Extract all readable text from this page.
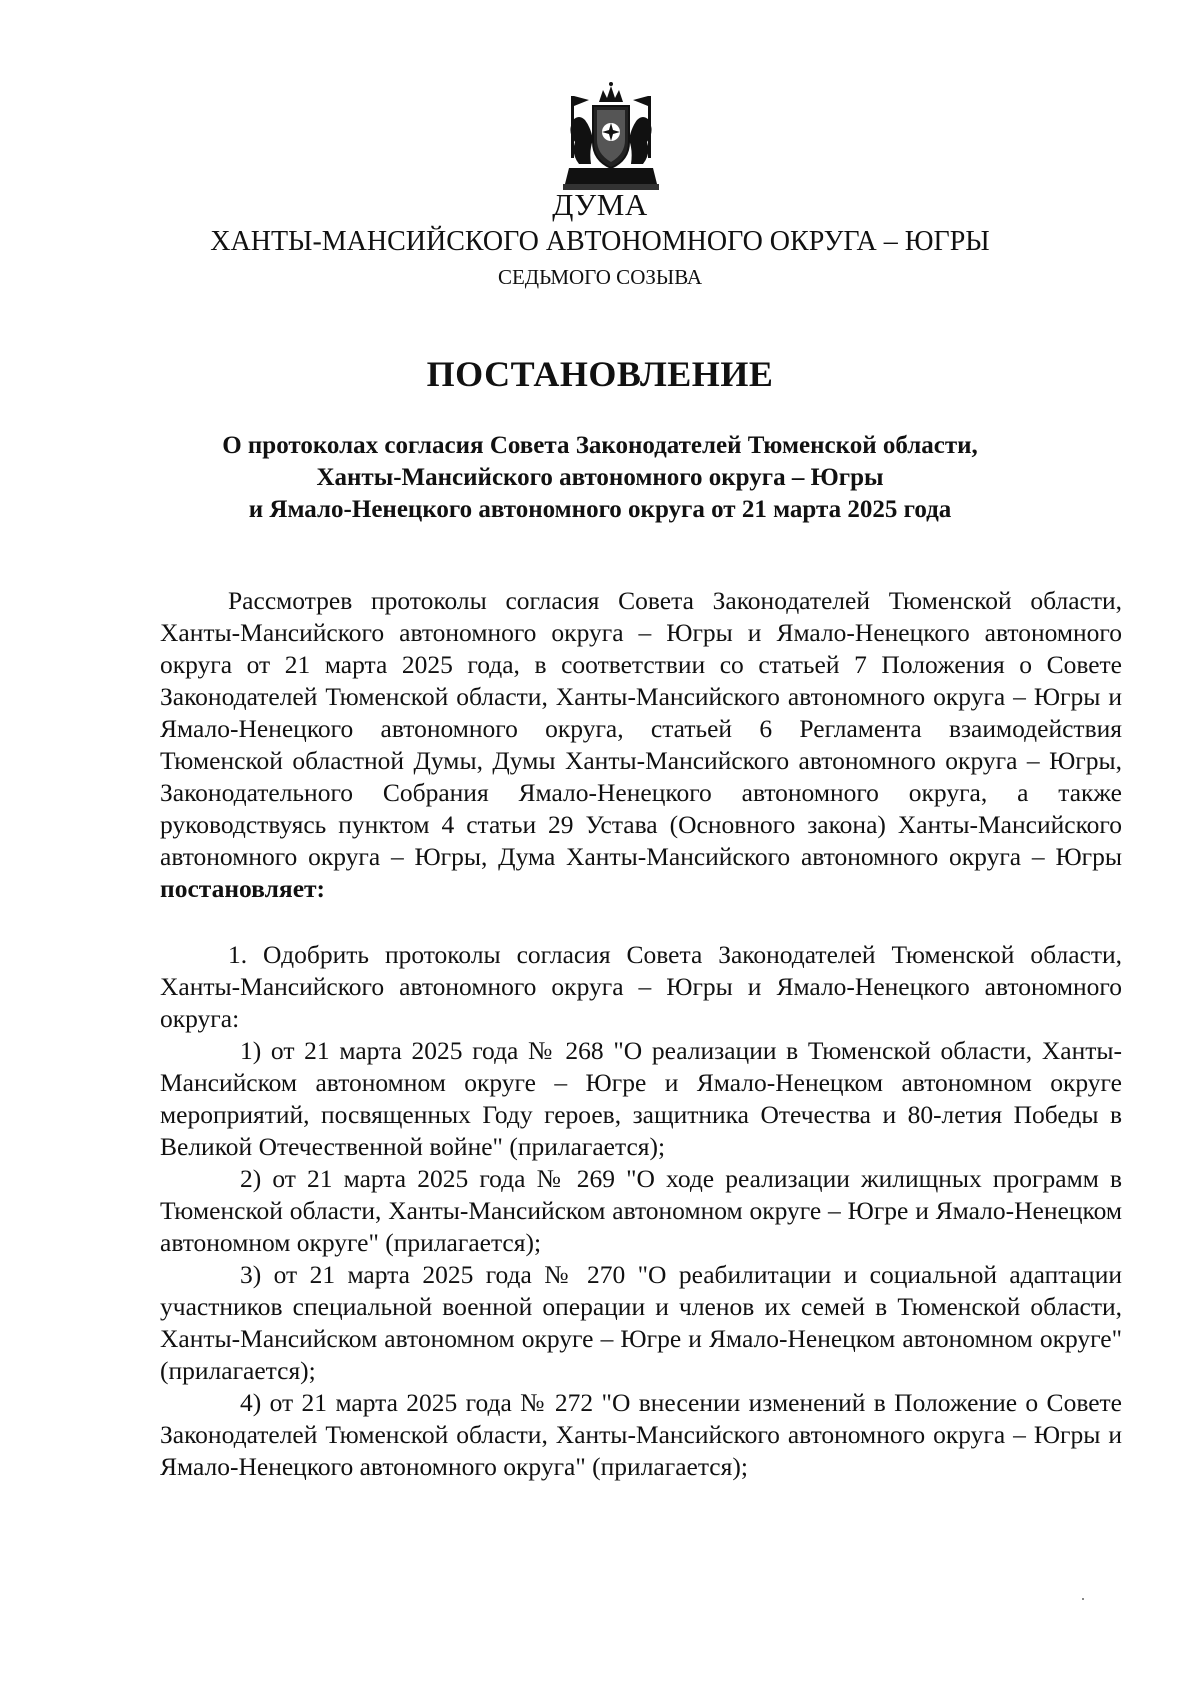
ДУМА
ХАНТЫ-МАНСИЙСКОГО АВТОНОМНОГО ОКРУГА – ЮГРЫ
СЕДЬМОГО СОЗЫВА
ПОСТАНОВЛЕНИЕ
О протоколах согласия Совета Законодателей Тюменской области,
Ханты-Мансийского автономного округа – Югры
и Ямало-Ненецкого автономного округа от 21 марта 2025 года

Рассмотрев протоколы согласия Совета Законодателей Тюменской области, Ханты-Мансийского автономного округа – Югры и Ямало-Ненецкого автономного округа от 21 марта 2025 года, в соответствии со статьей 7 Положения о Совете Законодателей Тюменской области, Ханты-Мансийского автономного округа – Югры и Ямало-Ненецкого автономного округа, статьей 6 Регламента взаимодействия Тюменской областной Думы, Думы Ханты-Мансийского автономного округа – Югры, Законодательного Собрания Ямало-Ненецкого автономного округа, а также руководствуясь пунктом 4 статьи 29 Устава (Основного закона) Ханты-Мансийского автономного округа – Югры, Дума Ханты-Мансийского автономного округа – Югры постановляет:

1. Одобрить протоколы согласия Совета Законодателей Тюменской области, Ханты-Мансийского автономного округа – Югры и Ямало-Ненецкого автономного округа:

1) от 21 марта 2025 года № 268 "О реализации в Тюменской области, Ханты-Мансийском автономном округе – Югре и Ямало-Ненецком автономном округе мероприятий, посвященных Году героев, защитника Отечества и 80-летия Победы в Великой Отечественной войне" (прилагается);

2) от 21 марта 2025 года № 269 "О ходе реализации жилищных программ в Тюменской области, Ханты-Мансийском автономном округе – Югре и Ямало-Ненецком автономном округе" (прилагается);

3) от 21 марта 2025 года № 270 "О реабилитации и социальной адаптации участников специальной военной операции и членов их семей в Тюменской области, Ханты-Мансийском автономном округе – Югре и Ямало-Ненецком автономном округе" (прилагается);

4) от 21 марта 2025 года № 272 "О внесении изменений в Положение о Совете Законодателей Тюменской области, Ханты-Мансийского автономного округа – Югры и Ямало-Ненецкого автономного округа" (прилагается);
